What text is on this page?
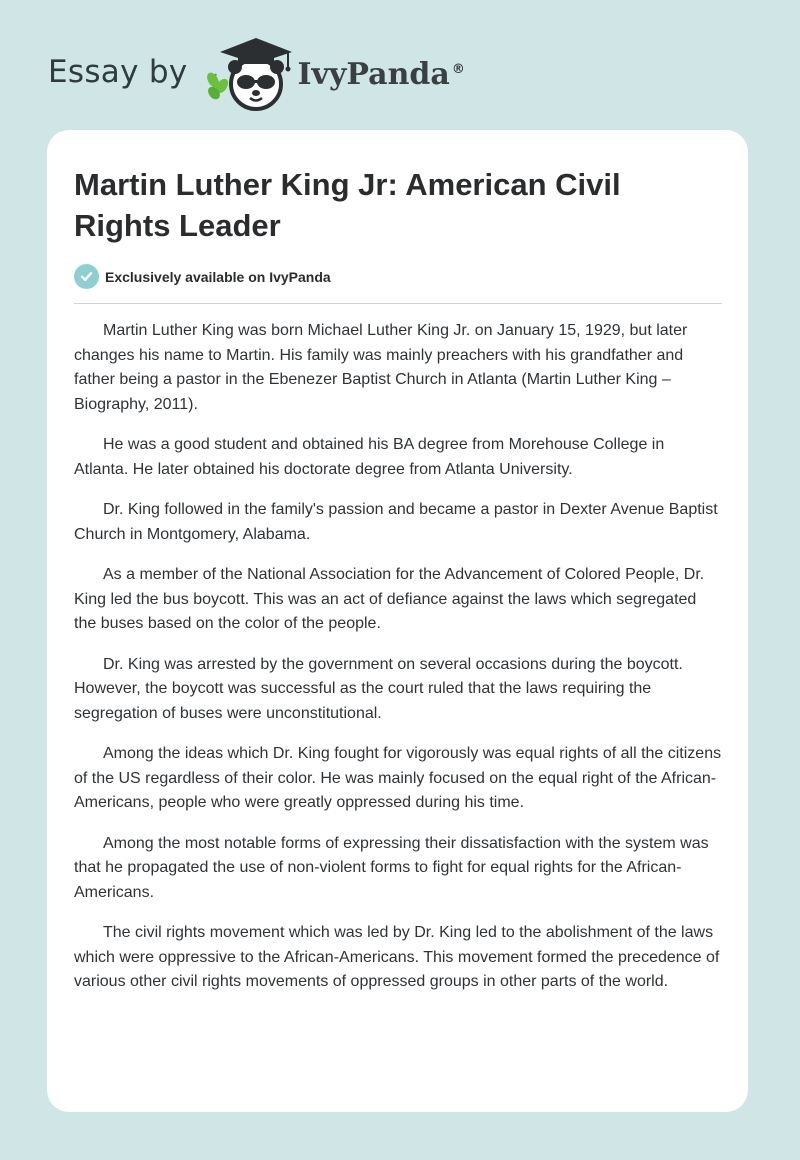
Essay by	IvyPanda ®
Martin Luther King Jr: American Civil Rights Leader
Exclusively available on IvyPanda

Martin Luther King was born Michael Luther King Jr. on January 15, 1929, but later changes his name to Martin. His family was mainly preachers with his grandfather and father being a pastor in the Ebenezer Baptist Church in Atlanta (Martin Luther King – Biography, 2011).

He was a good student and obtained his BA degree from Morehouse College in Atlanta. He later obtained his doctorate degree from Atlanta University.

Dr. King followed in the family's passion and became a pastor in Dexter Avenue Baptist Church in Montgomery, Alabama.

As a member of the National Association for the Advancement of Colored People, Dr. King led the bus boycott. This was an act of defiance against the laws which segregated the buses based on the color of the people.

Dr. King was arrested by the government on several occasions during the boycott. However, the boycott was successful as the court ruled that the laws requiring the segregation of buses were unconstitutional.

Among the ideas which Dr. King fought for vigorously was equal rights of all the citizens of the US regardless of their color. He was mainly focused on the equal right of the African-Americans, people who were greatly oppressed during his time.

Among the most notable forms of expressing their dissatisfaction with the system was that he propagated the use of non-violent forms to fight for equal rights for the African-Americans.

The civil rights movement which was led by Dr. King led to the abolishment of the laws which were oppressive to the African-Americans. This movement formed the precedence of various other civil rights movements of oppressed groups in other parts of the world.
